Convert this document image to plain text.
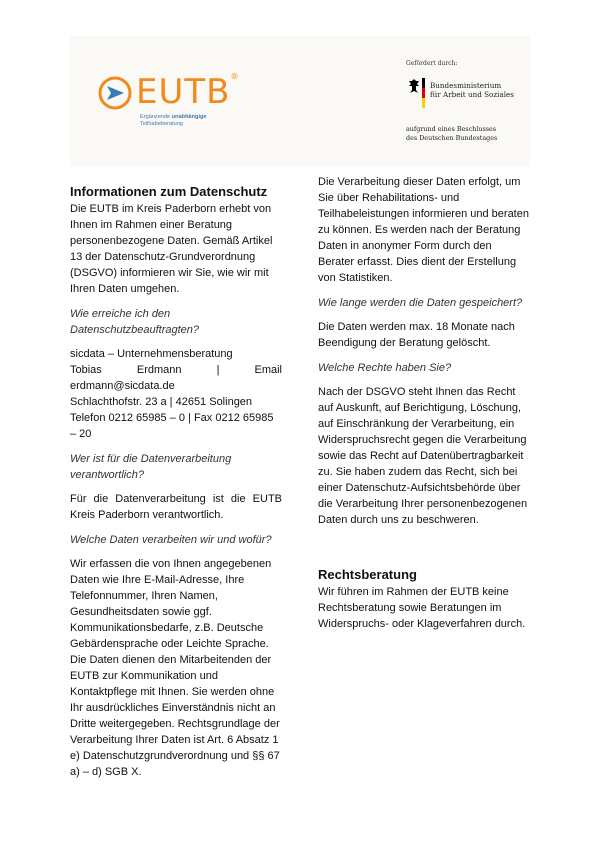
EUTB®
Ergänzende unabhängige
Teilhabeberatung
Gefördert durch:
Bundesministerium
für Arbeit und Soziales
aufgrund eines Beschlusses
des Deutschen Bundestages
Informationen zum Datenschutz

Die EUTB im Kreis Paderborn erhebt von Ihnen im Rahmen einer Beratung personenbezogene Daten. Gemäß Artikel 13 der Datenschutz-Grundverordnung (DSGVO) informieren wir Sie, wie wir mit Ihren Daten umgehen.

Wie erreiche ich den Datenschutzbeauftragten?

sicdata – Unternehmensberatung
Tobias Erdmann | Email erdmann@sicdata.de
Schlachthofstr. 23 a | 42651 Solingen
Telefon 0212 65985 – 0 | Fax 0212 65985 – 20

Wer ist für die Datenverarbeitung verantwortlich?

Für die Datenverarbeitung ist die EUTB Kreis Paderborn verantwortlich.

Welche Daten verarbeiten wir und wofür?

Wir erfassen die von Ihnen angegebenen Daten wie Ihre E-Mail-Adresse, Ihre Telefonnummer, Ihren Namen, Gesundheitsdaten sowie ggf. Kommunikationsbedarfe, z.B. Deutsche Gebärdensprache oder Leichte Sprache. Die Daten dienen den Mitarbeitenden der EUTB zur Kommunikation und Kontaktpflege mit Ihnen. Sie werden ohne Ihr ausdrückliches Einverständnis nicht an Dritte weitergegeben. Rechtsgrundlage der Verarbeitung Ihrer Daten ist Art. 6 Absatz 1 e) Datenschutzgrundverordnung und §§ 67 a) – d) SGB X.

Die Verarbeitung dieser Daten erfolgt, um Sie über Rehabilitations- und Teilhabeleistungen informieren und beraten zu können. Es werden nach der Beratung Daten in anonymer Form durch den Berater erfasst. Dies dient der Erstellung von Statistiken.

Wie lange werden die Daten gespeichert?

Die Daten werden max. 18 Monate nach Beendigung der Beratung gelöscht.

Welche Rechte haben Sie?

Nach der DSGVO steht Ihnen das Recht auf Auskunft, auf Berichtigung, Löschung, auf Einschränkung der Verarbeitung, ein Widerspruchsrecht gegen die Verarbeitung sowie das Recht auf Datenübertragbarkeit zu. Sie haben zudem das Recht, sich bei einer Datenschutz-Aufsichtsbehörde über die Verarbeitung Ihrer personenbezogenen Daten durch uns zu beschweren.

Rechtsberatung

Wir führen im Rahmen der EUTB keine Rechtsberatung sowie Beratungen im Widerspruchs- oder Klageverfahren durch.
